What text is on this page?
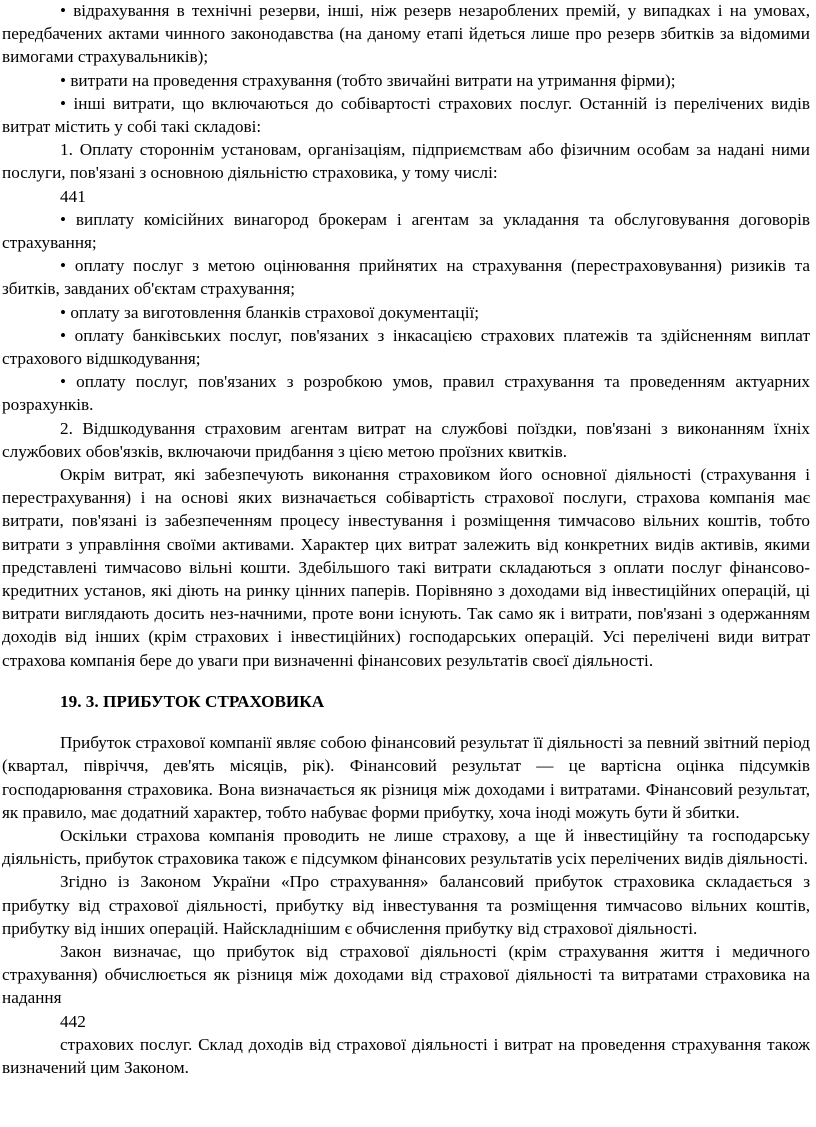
• відрахування в технічні резерви, інші, ніж резерв незароблених премій, у випадках і на умовах, передбачених актами чинного законодавства (на даному етапі йдеться лише про резерв збитків за відомими вимогами страхувальників);

• витрати на проведення страхування (тобто звичайні витрати на утримання фірми);

• інші витрати, що включаються до собівартості страхових послуг. Останній із перелічених видів витрат містить у собі такі складові:

1. Оплату стороннім установам, організаціям, підприємствам або фізичним особам за надані ними послуги, пов'язані з основною діяльністю страховика, у тому числі:

441

• виплату комісійних винагород брокерам і агентам за укладання та обслуговування договорів страхування;

• оплату послуг з метою оцінювання прийнятих на страхування (перестраховування) ризиків та збитків, завданих об'єктам страхування;

• оплату за виготовлення бланків страхової документації;

• оплату банківських послуг, пов'язаних з інкасацією страхових платежів та здійсненням виплат страхового відшкодування;

• оплату послуг, пов'язаних з розробкою умов, правил страхування та проведенням актуарних розрахунків.

2. Відшкодування страховим агентам витрат на службові поїздки, пов'язані з виконанням їхніх службових обов'язків, включаючи придбання з цією метою проїзних квитків.

Окрім витрат, які забезпечують виконання страховиком його основної діяльності (страхування і перестрахування) і на основі яких визначається собівартість страхової послуги, страхова компанія має витрати, пов'язані із забезпеченням процесу інвестування і розміщення тимчасово вільних коштів, тобто витрати з управління своїми активами. Характер цих витрат залежить від конкретних видів активів, якими представлені тимчасово вільні кошти. Здебільшого такі витрати складаються з оплати послуг фінансово-кредитних установ, які діють на ринку цінних паперів. Порівняно з доходами від інвестиційних операцій, ці витрати виглядають досить нез-начними, проте вони існують. Так само як і витрати, пов'язані з одержанням доходів від інших (крім страхових і інвестиційних) господарських операцій. Усі перелічені види витрат страхова компанія бере до уваги при визначенні фінансових результатів своєї діяльності.

19. 3. ПРИБУТОК СТРАХОВИКА

Прибуток страхової компанії являє собою фінансовий результат її діяльності за певний звітний період (квартал, півріччя, дев'ять місяців, рік). Фінансовий результат — це вартісна оцінка підсумків господарювання страховика. Вона визначається як різниця між доходами і витратами. Фінансовий результат, як правило, має додатний характер, тобто набуває форми прибутку, хоча іноді можуть бути й збитки.

Оскільки страхова компанія проводить не лише страхову, а ще й інвестиційну та господарську діяльність, прибуток страховика також є підсумком фінансових результатів усіх перелічених видів діяльності.

Згідно із Законом України «Про страхування» балансовий прибуток страховика складається з прибутку від страхової діяльності, прибутку від інвестування та розміщення тимчасово вільних коштів, прибутку від інших операцій. Найскладнішим є обчислення прибутку від страхової діяльності.

Закон визначає, що прибуток від страхової діяльності (крім страхування життя і медичного страхування) обчислюється як різниця між доходами від страхової діяльності та витратами страховика на надання

442

страхових послуг. Склад доходів від страхової діяльності і витрат на проведення страхування також визначений цим Законом.
